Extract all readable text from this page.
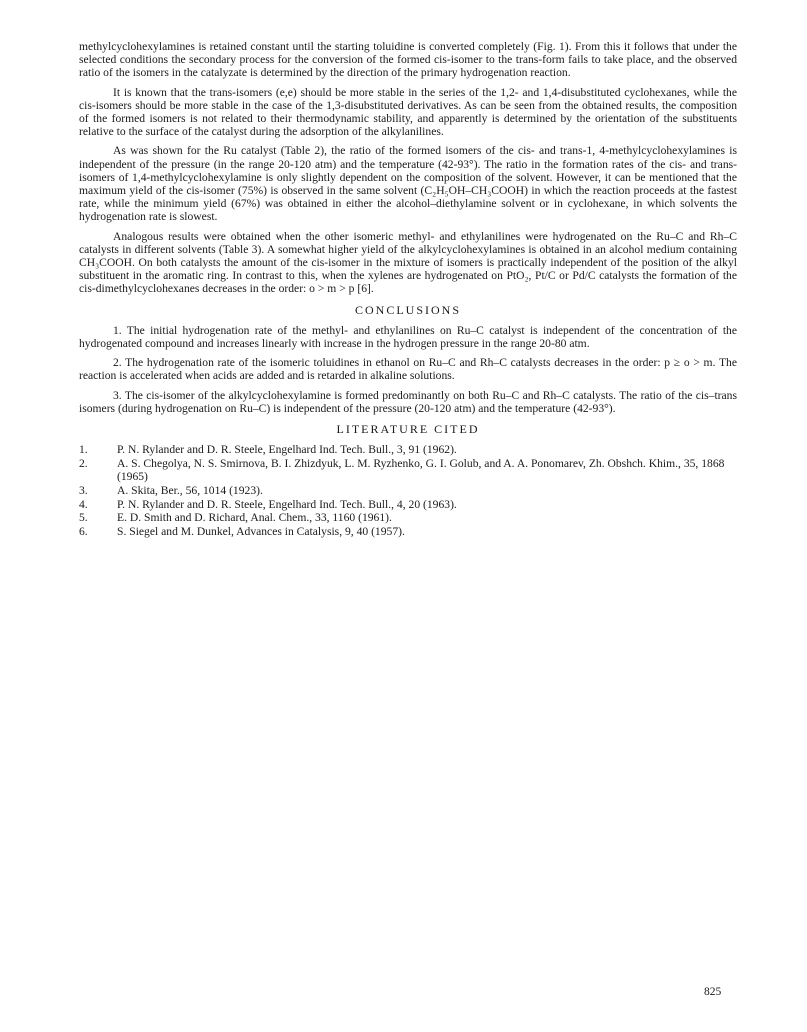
methylcyclohexylamines is retained constant until the starting toluidine is converted completely (Fig. 1). From this it follows that under the selected conditions the secondary process for the conversion of the formed cis-isomer to the trans-form fails to take place, and the observed ratio of the isomers in the catalyzate is determined by the direction of the primary hydrogenation reaction.

It is known that the trans-isomers (e,e) should be more stable in the series of the 1,2- and 1,4-disubstituted cyclohexanes, while the cis-isomers should be more stable in the case of the 1,3-disubstituted derivatives. As can be seen from the obtained results, the composition of the formed isomers is not related to their thermodynamic stability, and apparently is determined by the orientation of the substituents relative to the surface of the catalyst during the adsorption of the alkylanilines.

As was shown for the Ru catalyst (Table 2), the ratio of the formed isomers of the cis- and trans-1, 4-methylcyclohexylamines is independent of the pressure (in the range 20-120 atm) and the temperature (42-93°). The ratio in the formation rates of the cis- and trans-isomers of 1,4-methylcyclohexylamine is only slightly dependent on the composition of the solvent. However, it can be mentioned that the maximum yield of the cis-isomer (75%) is observed in the same solvent (C₂H₅OH–CH₃COOH) in which the reaction proceeds at the fastest rate, while the minimum yield (67%) was obtained in either the alcohol–diethylamine solvent or in cyclohexane, in which solvents the hydrogenation rate is slowest.

Analogous results were obtained when the other isomeric methyl- and ethylanilines were hydrogenated on the Ru–C and Rh–C catalysts in different solvents (Table 3). A somewhat higher yield of the alkylcyclohexylamines is obtained in an alcohol medium containing CH₃COOH. On both catalysts the amount of the cis-isomer in the mixture of isomers is practically independent of the position of the alkyl substituent in the aromatic ring. In contrast to this, when the xylenes are hydrogenated on PtO₂, Pt/C or Pd/C catalysts the formation of the cis-dimethylcyclohexanes decreases in the order: o > m > p [6].

CONCLUSIONS

1. The initial hydrogenation rate of the methyl- and ethylanilines on Ru–C catalyst is independent of the concentration of the hydrogenated compound and increases linearly with increase in the hydrogen pressure in the range 20-80 atm.

2. The hydrogenation rate of the isomeric toluidines in ethanol on Ru–C and Rh–C catalysts decreases in the order: p ≥ o > m. The reaction is accelerated when acids are added and is retarded in alkaline solutions.

3. The cis-isomer of the alkylcyclohexylamine is formed predominantly on both Ru–C and Rh–C catalysts. The ratio of the cis–trans isomers (during hydrogenation on Ru–C) is independent of the pressure (20-120 atm) and the temperature (42-93°).

LITERATURE CITED
1.	P. N. Rylander and D. R. Steele, Engelhard Ind. Tech. Bull., 3, 91 (1962).
2.	A. S. Chegolya, N. S. Smirnova, B. I. Zhizdyuk, L. M. Ryzhenko, G. I. Golub, and A. A. Ponomarev, Zh. Obshch. Khim., 35, 1868 (1965)
3.	A. Skita, Ber., 56, 1014 (1923).
4.	P. N. Rylander and D. R. Steele, Engelhard Ind. Tech. Bull., 4, 20 (1963).
5.	E. D. Smith and D. Richard, Anal. Chem., 33, 1160 (1961).
6.	S. Siegel and M. Dunkel, Advances in Catalysis, 9, 40 (1957).
825
